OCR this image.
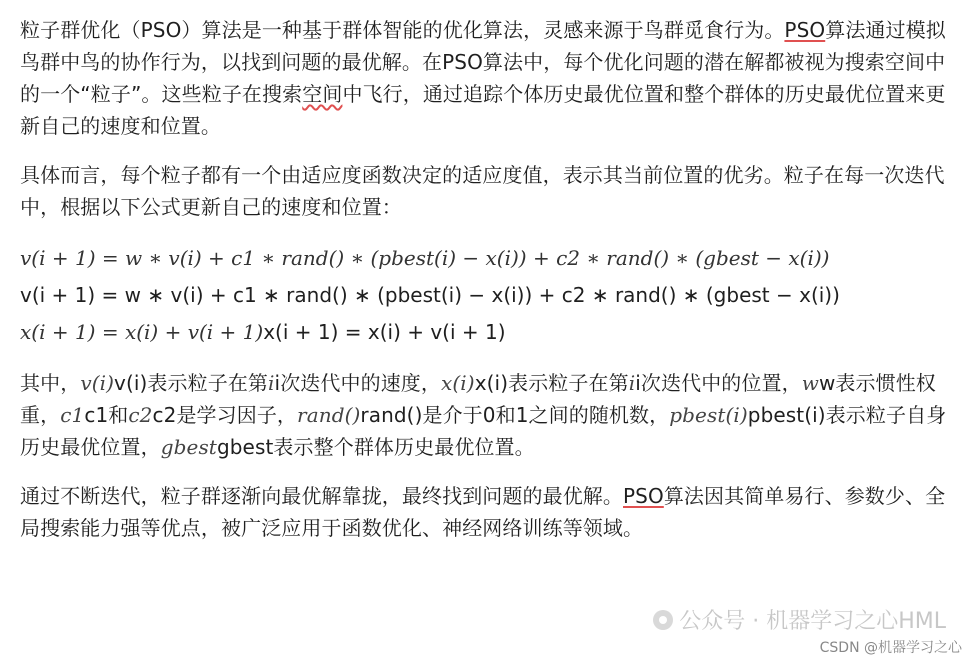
粒子群优化（PSO）算法是一种基于群体智能的优化算法，灵感来源于鸟群觅食行为。PSO算法通过模拟鸟群中鸟的协作行为，以找到问题的最优解。在PSO算法中，每个优化问题的潜在解都被视为搜索空间中的一个“粒子”。这些粒子在搜索空间中飞行，通过追踪个体历史最优位置和整个群体的历史最优位置来更新自己的速度和位置。

具体而言，每个粒子都有一个由适应度函数决定的适应度值，表示其当前位置的优劣。粒子在每一次迭代中，根据以下公式更新自己的速度和位置：

v(i + 1) = w ∗ v(i) + c1 ∗ rand() ∗ (pbest(i) − x(i)) + c2 ∗ rand() ∗ (gbest − x(i))
v(i + 1) = w ∗ v(i) + c1 ∗ rand() ∗ (pbest(i) − x(i)) + c2 ∗ rand() ∗ (gbest − x(i))
x(i + 1) = x(i) + v(i + 1)x(i + 1) = x(i) + v(i + 1)

其中，v(i)v(i)表示粒子在第ii次迭代中的速度，x(i)x(i)表示粒子在第ii次迭代中的位置，ww表示惯性权重，c1c1和c2c2是学习因子，rand()rand()是介于0和1之间的随机数，pbest(i)pbest(i)表示粒子自身历史最优位置，gbestgbest表示整个群体历史最优位置。

通过不断迭代，粒子群逐渐向最优解靠拢，最终找到问题的最优解。PSO算法因其简单易行、参数少、全局搜索能力强等优点，被广泛应用于函数优化、神经网络训练等领域。

公众号 · 机器学习之心HML
CSDN @机器学习之心
